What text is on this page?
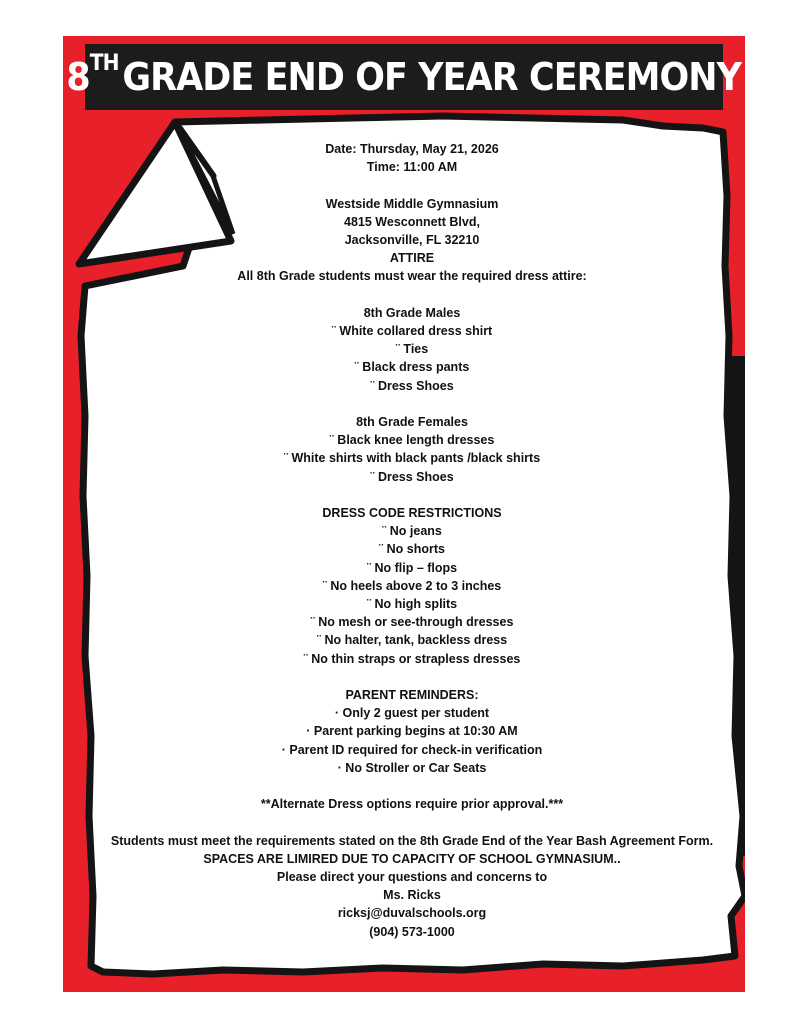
8 TH GRADE END OF YEAR CEREMONY
Date: Thursday, May 21, 2026
Time: 11:00 AM
Westside Middle Gymnasium
4815 Wesconnett Blvd,
Jacksonville, FL 32210
ATTIRE
All 8th Grade students must wear the required dress attire:
8th Grade Males
¨ White collared dress shirt
¨ Ties
¨ Black dress pants
¨ Dress Shoes
8th Grade Females
¨ Black knee length dresses
¨ White shirts with black pants /black shirts
¨ Dress Shoes
DRESS CODE RESTRICTIONS
¨ No jeans
¨ No shorts
¨ No flip – flops
¨ No heels above 2 to 3 inches
¨ No high splits
¨ No mesh or see-through dresses
¨ No halter, tank, backless dress
¨ No thin straps or strapless dresses
PARENT REMINDERS:
· Only 2 guest per student
· Parent parking begins at 10:30 AM
· Parent ID required for check-in verification
· No Stroller or Car Seats
**Alternate Dress options require prior approval.***
Students must meet the requirements stated on the 8th Grade End of the Year Bash Agreement Form.
SPACES ARE LIMIRED DUE TO CAPACITY OF SCHOOL GYMNASIUM..
Please direct your questions and concerns to
Ms. Ricks
ricksj@duvalschools.org
(904) 573-1000
